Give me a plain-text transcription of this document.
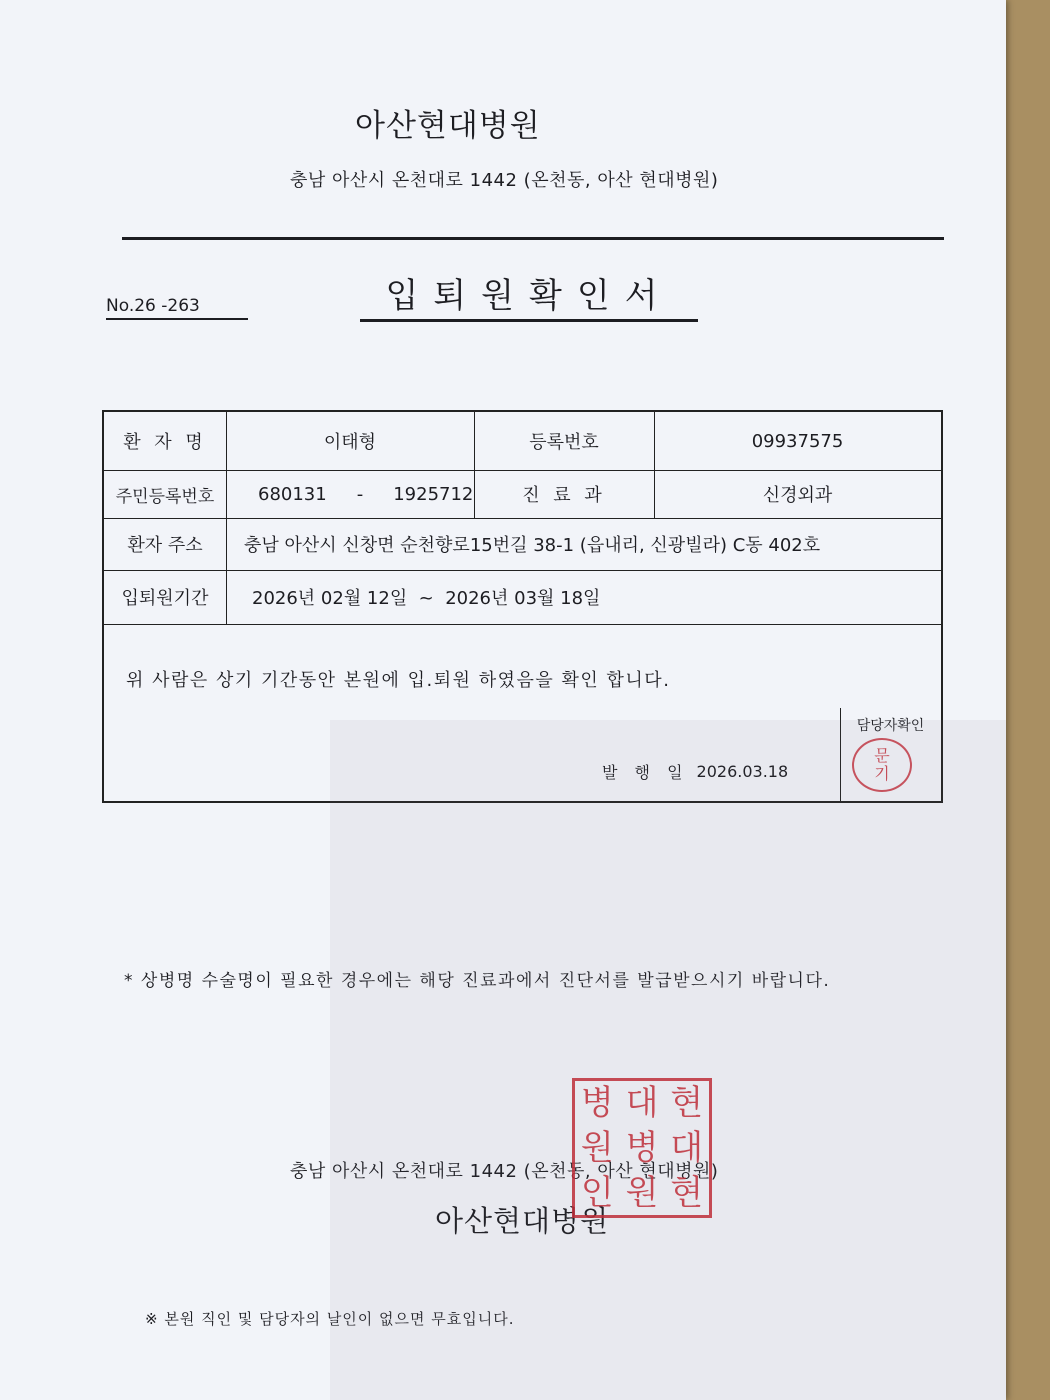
아산현대병원
충남 아산시 온천대로 1442 (온천동, 아산 현대병원)
No.26 -263	입퇴원확인서
환 자 명	이태형	등록번호	09937575
주민등록번호	680131 - 1925712	진 료 과	신경외과
환자 주소	충남 아산시 신창면 순천향로15번길 38-1 (읍내리, 신광빌라) C동 402호
입퇴원기간	2026년 02월 12일  ~  2026년 03월 18일
위 사람은 상기 기간동안 본원에 입.퇴원 하였음을 확인 합니다.
발 행 일 2026.03.18
담당자확인
문
기
* 상병명 수술명이 필요한 경우에는 해당 진료과에서 진단서를 발급받으시기 바랍니다.
충남 아산시 온천대로 1442 (온천동, 아산 현대병원)
아산현대병원
병 대 현
원 병 대
인 원 현
※ 본원 직인 및 담당자의 날인이 없으면 무효입니다.
